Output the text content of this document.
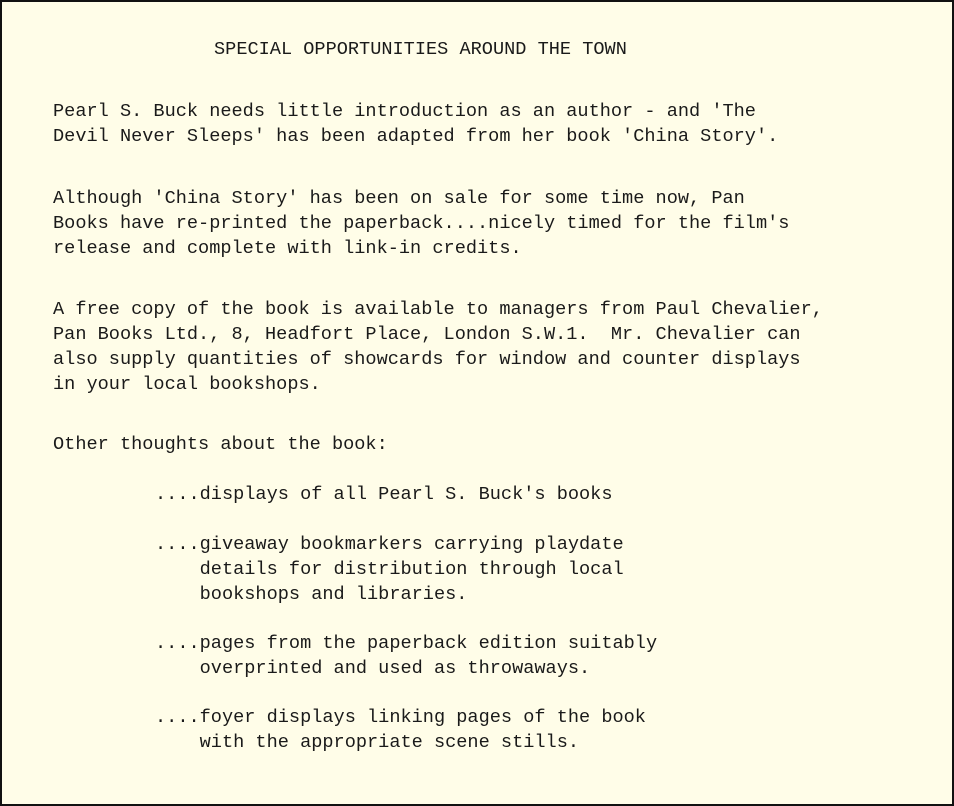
SPECIAL OPPORTUNITIES AROUND THE TOWN
Pearl S. Buck needs little introduction as an author - and 'The
Devil Never Sleeps' has been adapted from her book 'China Story'.
Although 'China Story' has been on sale for some time now, Pan
Books have re-printed the paperback....nicely timed for the film's
release and complete with link-in credits.
A free copy of the book is available to managers from Paul Chevalier,
Pan Books Ltd., 8, Headfort Place, London S.W.1.  Mr. Chevalier can
also supply quantities of showcards for window and counter displays
in your local bookshops.
Other thoughts about the book:
....displays of all Pearl S. Buck's books
....giveaway bookmarkers carrying playdate
details for distribution through local
bookshops and libraries.
....pages from the paperback edition suitably
overprinted and used as throwaways.
....foyer displays linking pages of the book
with the appropriate scene stills.
